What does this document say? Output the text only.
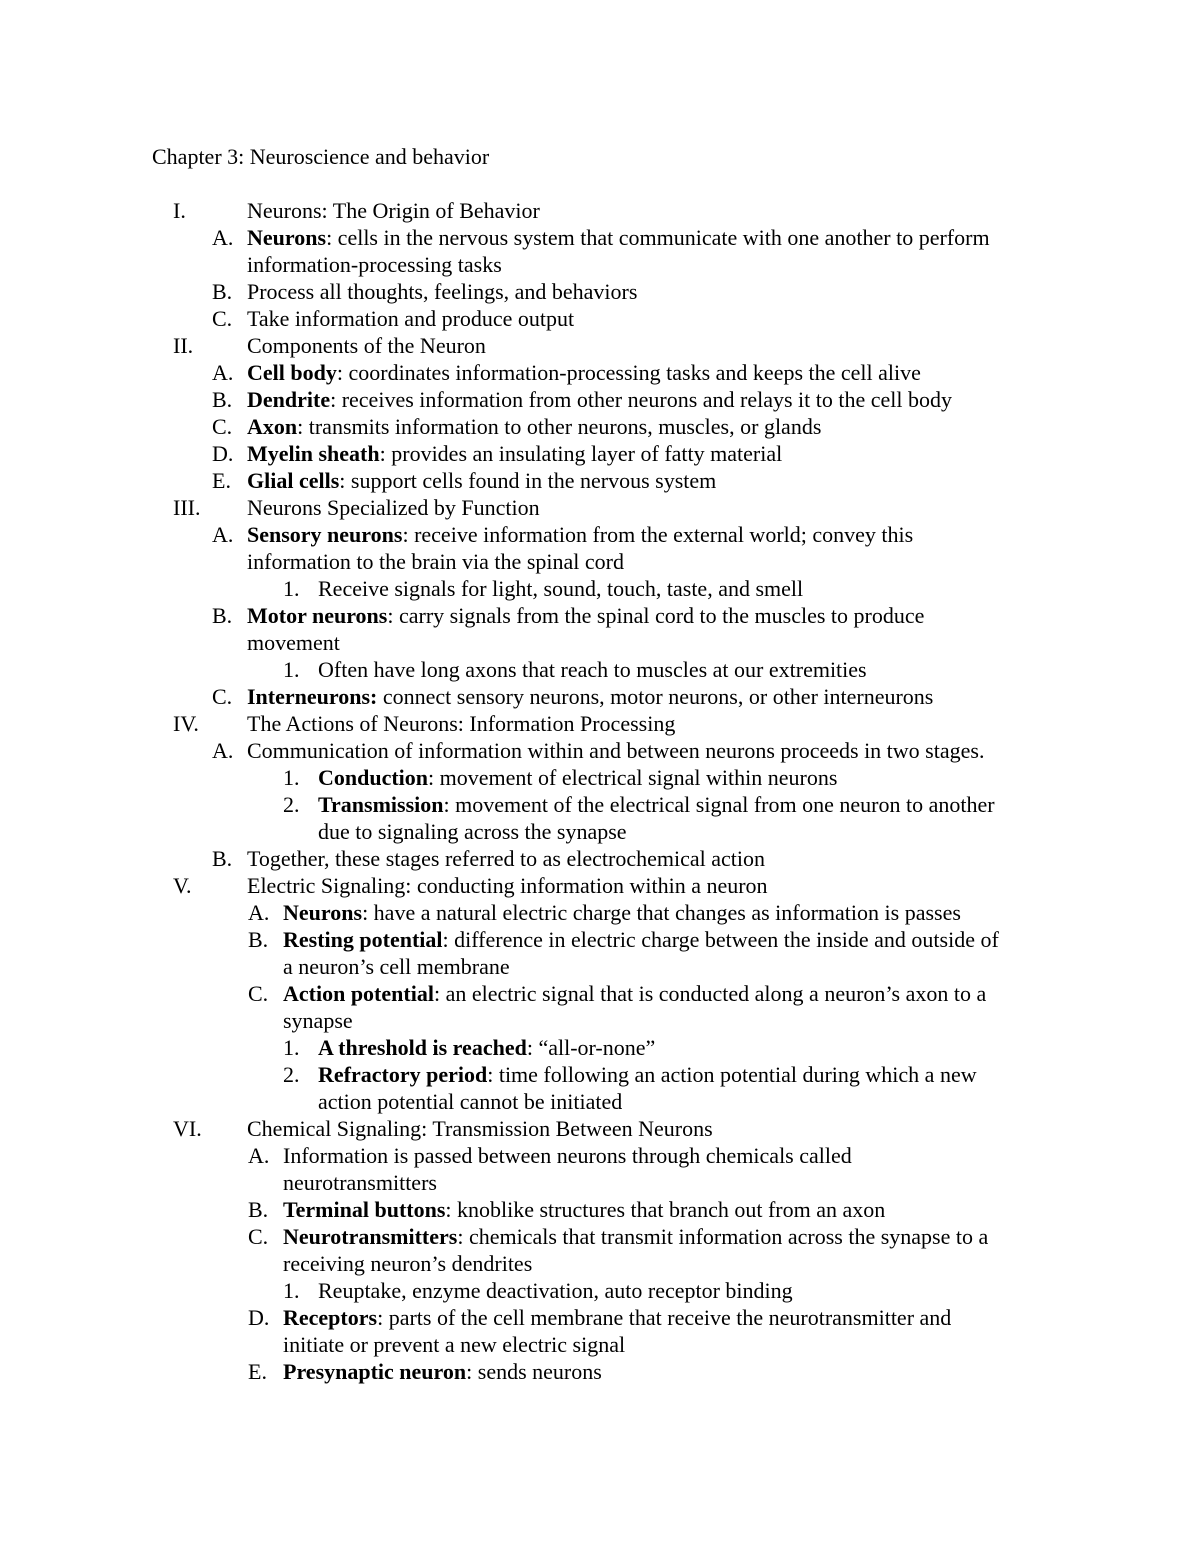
Chapter 3: Neuroscience and behavior
I.	Neurons: The Origin of Behavior
A. Neurons: cells in the nervous system that communicate with one another to perform
information-processing tasks
B. Process all thoughts, feelings, and behaviors
C. Take information and produce output
II. Components of the Neuron
A. Cell body: coordinates information-processing tasks and keeps the cell alive
B. Dendrite: receives information from other neurons and relays it to the cell body
C. Axon: transmits information to other neurons, muscles, or glands
D. Myelin sheath: provides an insulating layer of fatty material
E. Glial cells: support cells found in the nervous system
III. Neurons Specialized by Function
A. Sensory neurons: receive information from the external world; convey this
information to the brain via the spinal cord
1. Receive signals for light, sound, touch, taste, and smell
B. Motor neurons: carry signals from the spinal cord to the muscles to produce
movement
1. Often have long axons that reach to muscles at our extremities
C. Interneurons: connect sensory neurons, motor neurons, or other interneurons
IV. The Actions of Neurons: Information Processing
A. Communication of information within and between neurons proceeds in two stages.
1. Conduction: movement of electrical signal within neurons
2. Transmission: movement of the electrical signal from one neuron to another
due to signaling across the synapse
B. Together, these stages referred to as electrochemical action
V.	Electric Signaling: conducting information within a neuron
A. Neurons: have a natural electric charge that changes as information is passes
B. Resting potential: difference in electric charge between the inside and outside of
a neuron’s cell membrane
C. Action potential: an electric signal that is conducted along a neuron’s axon to a
synapse
1. A threshold is reached: “all-or-none”
2. Refractory period: time following an action potential during which a new
action potential cannot be initiated
VI. Chemical Signaling: Transmission Between Neurons
A. Information is passed between neurons through chemicals called
neurotransmitters
B. Terminal buttons: knoblike structures that branch out from an axon
C. Neurotransmitters: chemicals that transmit information across the synapse to a
receiving neuron’s dendrites
1. Reuptake, enzyme deactivation, auto receptor binding
D. Receptors: parts of the cell membrane that receive the neurotransmitter and
initiate or prevent a new electric signal
E. Presynaptic neuron: sends neurons
